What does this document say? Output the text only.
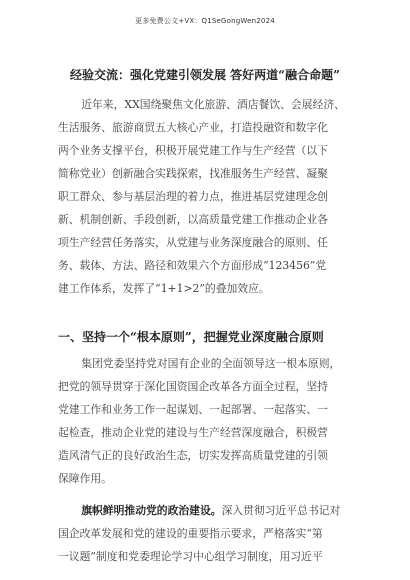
更多免费公文+VX：Q1SeGongWen2024
经验交流：强化党建引领发展 答好两道“融合命题”
近年来，XX国绕聚焦文化旅游、酒店餐饮、会展经济、
生活服务、旅游商贸五大核心产业，打造投融资和数字化
两个业务支撑平台，积极开展党建工作与生产经营（以下
简称党业）创新融合实践探索，找准服务生产经营、凝聚
职工群众、参与基层治理的着力点，推进基层党建理念创
新、机制创新、手段创新，以高质量党建工作推动企业各
项生产经营任务落实，从党建与业务深度融合的原则、任
务、载体、方法、路径和效果六个方面形成“123456”党
建工作体系，发挥了“1+1>2”的叠加效应。
一、坚持一个“根本原则”，把握党业深度融合原则
集团党委坚持党对国有企业的全面领导这一根本原则，
把党的领导贯穿于深化国资国企改革各方面全过程，坚持
党建工作和业务工作一起谋划、一起部署、一起落实、一
起检查，推动企业党的建设与生产经营深度融合，积极营
造风清气正的良好政治生态，切实发挥高质量党建的引领
保障作用。
旗帜鲜明推动党的政治建设。深入贯彻习近平总书记对
国企改革发展和党的建设的重要指示要求，严格落实“第
一议题”制度和党委理论学习中心组学习制度，用习近平
